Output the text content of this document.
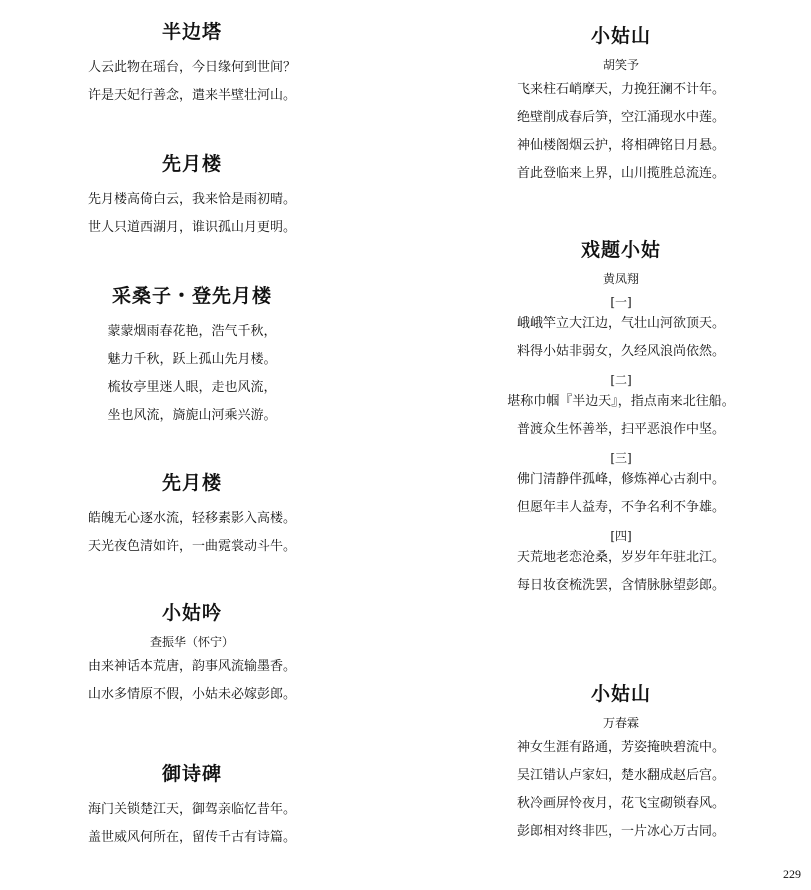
半边塔
人云此物在瑶台，今日缘何到世间？
许是天妃行善念，遣来半壁壮河山。
先月楼
先月楼高倚白云，我来恰是雨初晴。
世人只道西湖月，谁识孤山月更明。
采桑子・登先月楼
蒙蒙烟雨春花艳，浩气千秋，
魅力千秋，跃上孤山先月楼。
梳妆亭里迷人眼，走也风流，
坐也风流，旖旎山河乘兴游。
先月楼
皓魄无心逐水流，轻移素影入高楼。
天光夜色清如许，一曲霓裳动斗牛。
小姑吟
查振华（怀宁）
由来神话本荒唐，韵事风流输墨香。
山水多情原不假，小姑未必嫁彭郎。
御诗碑
海门关锁楚江天，御驾亲临忆昔年。
盖世威风何所在，留传千古有诗篇。
小姑山
胡笑予
飞来柱石峭摩天，力挽狂澜不计年。
绝壁削成春后笋，空江涌现水中莲。
神仙楼阁烟云护，将相碑铭日月悬。
首此登临来上界，山川揽胜总流连。
戏题小姑
黄凤翔
[一]
峨峨竿立大江边，气壮山河欲顶天。
料得小姑非弱女，久经风浪尚依然。
[二]
堪称巾帼『半边天』，指点南来北往船。
普渡众生怀善举，扫平恶浪作中坚。
[三]
佛门清静伴孤峰，修炼禅心古刹中。
但愿年丰人益寿，不争名利不争雄。
[四]
天荒地老恋沧桑，岁岁年年驻北江。
每日妆奁梳洗罢，含情脉脉望彭郎。
小姑山
万春霖
神女生涯有路通，芳姿掩映碧流中。
吴江错认卢家妇，楚水翻成赵后宫。
秋冷画屏怜夜月，花飞宝砌锁春风。
彭郎相对终非匹，一片冰心万古同。
229
